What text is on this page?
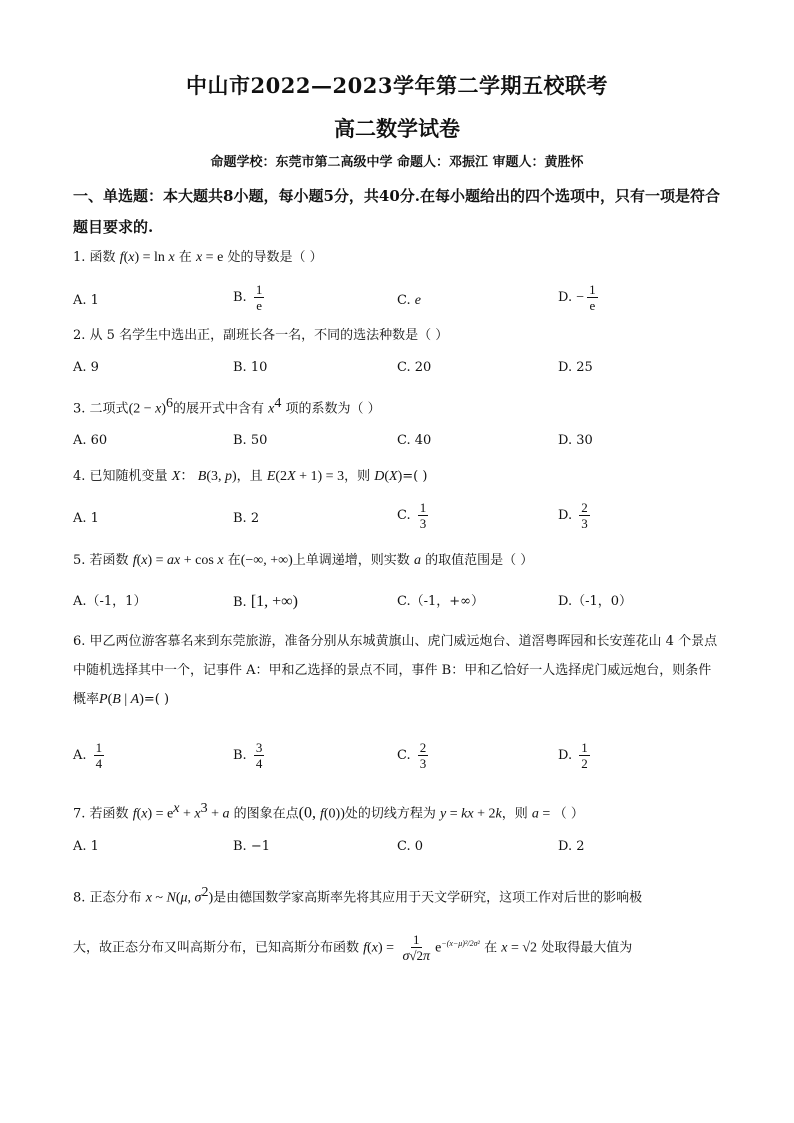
中山市2022—2023学年第二学期五校联考
高二数学试卷
命题学校：东莞市第二高级中学 命题人：邓振江 审题人：黄胜怀
一、单选题：本大题共8小题，每小题5分，共40分.在每小题给出的四个选项中，只有一项是符合题目要求的.
1. 函数 f(x) = ln x 在 x = e 处的导数是（ ）
A. 1	B. $\frac{1}{e}$	C. e	D. − $\frac{1}{e}$
2. 从 5 名学生中选出正，副班长各一名，不同的选法种数是（ ）
A. 9	B. 10	C. 20	D. 25
3. 二项式$(2 - x)^6$的展开式中含有 $x^4$ 项的系数为（ ）
A. 60	B. 50	C. 40	D. 30
4. 已知随机变量 X： B(3, p)，且 E(2X + 1) = 3，则 D(X)=( )
A. 1	B. 2	C. $\frac{1}{3}$	D. $\frac{2}{3}$
5. 若函数 f(x) = ax + cos x 在(−∞, +∞)上单调递增，则实数 a 的取值范围是（ ）
A.（-1，1）	B. [1, +∞)	C.（-1，+∞）	D.（-1，0）
6. 甲乙两位游客慕名来到东莞旅游，准备分别从东城黄旗山、虎门威远炮台、道滘粤晖园和长安莲花山 4 个景点中随机选择其中一个，记事件 A：甲和乙选择的景点不同，事件 B：甲和乙恰好一人选择虎门威远炮台，则条件概率P(B | A)=( )
A. $\frac{1}{4}$	B. $\frac{3}{4}$	C. $\frac{2}{3}$	D. $\frac{1}{2}$
7. 若函数 $f(x) = e^x + x^3 + a$ 的图象在点(0, f(0))处的切线方程为 y = kx + 2k，则 a = （ ）
A. 1	B. −1	C. 0	D. 2
8. 正态分布 x ~ N(μ, $\sigma^2$)是由德国数学家高斯率先将其应用于天文学研究，这项工作对后世的影响极
大，故正态分布又叫高斯分布，已知高斯分布函数 $f(x) = \frac{1}{\sigma√2\pi} e^{-(x-\mu)^2/2\sigma^2}$ 在 x = √2 处取得最大值为
